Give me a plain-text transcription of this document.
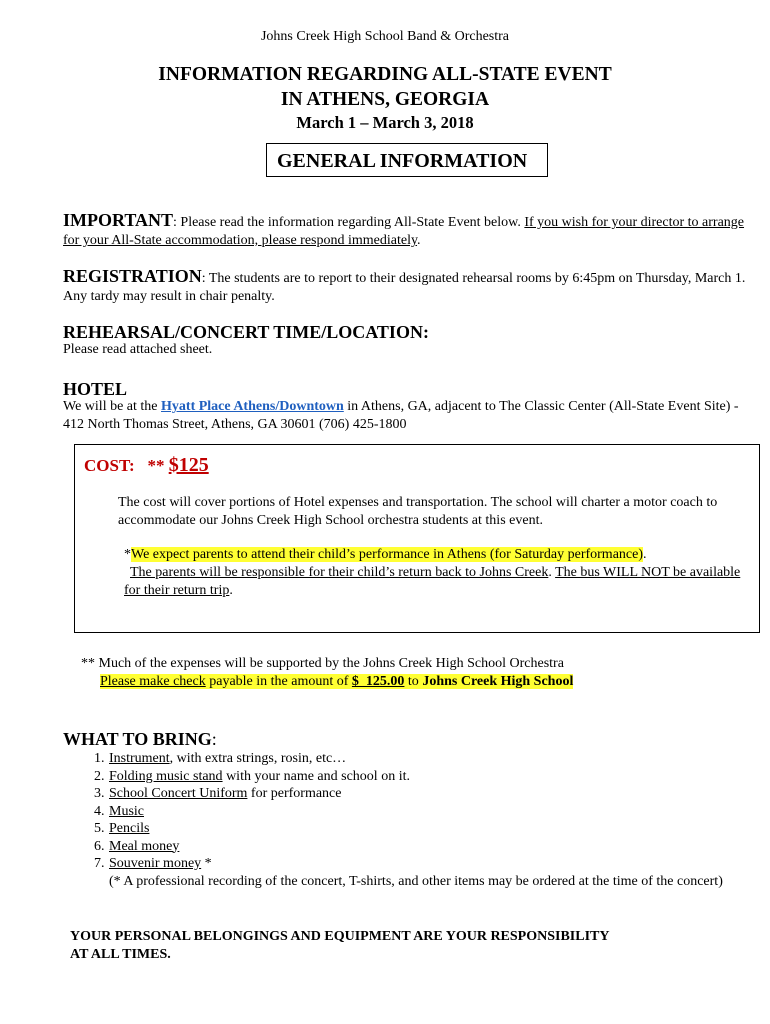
Johns Creek High School Band & Orchestra
INFORMATION REGARDING ALL-STATE EVENT
IN ATHENS, GEORGIA
March 1 – March 3, 2018
GENERAL INFORMATION
IMPORTANT: Please read the information regarding All-State Event below. If you wish for your director to arrange for your All-State accommodation, please respond immediately.
REGISTRATION: The students are to report to their designated rehearsal rooms by 6:45pm on Thursday, March 1. Any tardy may result in chair penalty.
REHEARSAL/CONCERT TIME/LOCATION:
Please read attached sheet.
HOTEL
We will be at the Hyatt Place Athens/Downtown in Athens, GA, adjacent to The Classic Center (All-State Event Site) - 412 North Thomas Street, Athens, GA 30601 (706) 425-1800
COST: ** $125
The cost will cover portions of Hotel expenses and transportation. The school will charter a motor coach to accommodate our Johns Creek High School orchestra students at this event.
*We expect parents to attend their child’s performance in Athens (for Saturday performance).
The parents will be responsible for their child’s return back to Johns Creek. The bus WILL NOT be available for their return trip.
** Much of the expenses will be supported by the Johns Creek High School Orchestra
Please make check payable in the amount of $_125.00 to Johns Creek High School
WHAT TO BRING:
1. Instrument, with extra strings, rosin, etc…
2. Folding music stand with your name and school on it.
3. School Concert Uniform for performance
4. Music
5. Pencils
6. Meal money
7. Souvenir money *
(* A professional recording of the concert, T-shirts, and other items may be ordered at the time of the concert)
YOUR PERSONAL BELONGINGS AND EQUIPMENT ARE YOUR RESPONSIBILITY
AT ALL TIMES.
